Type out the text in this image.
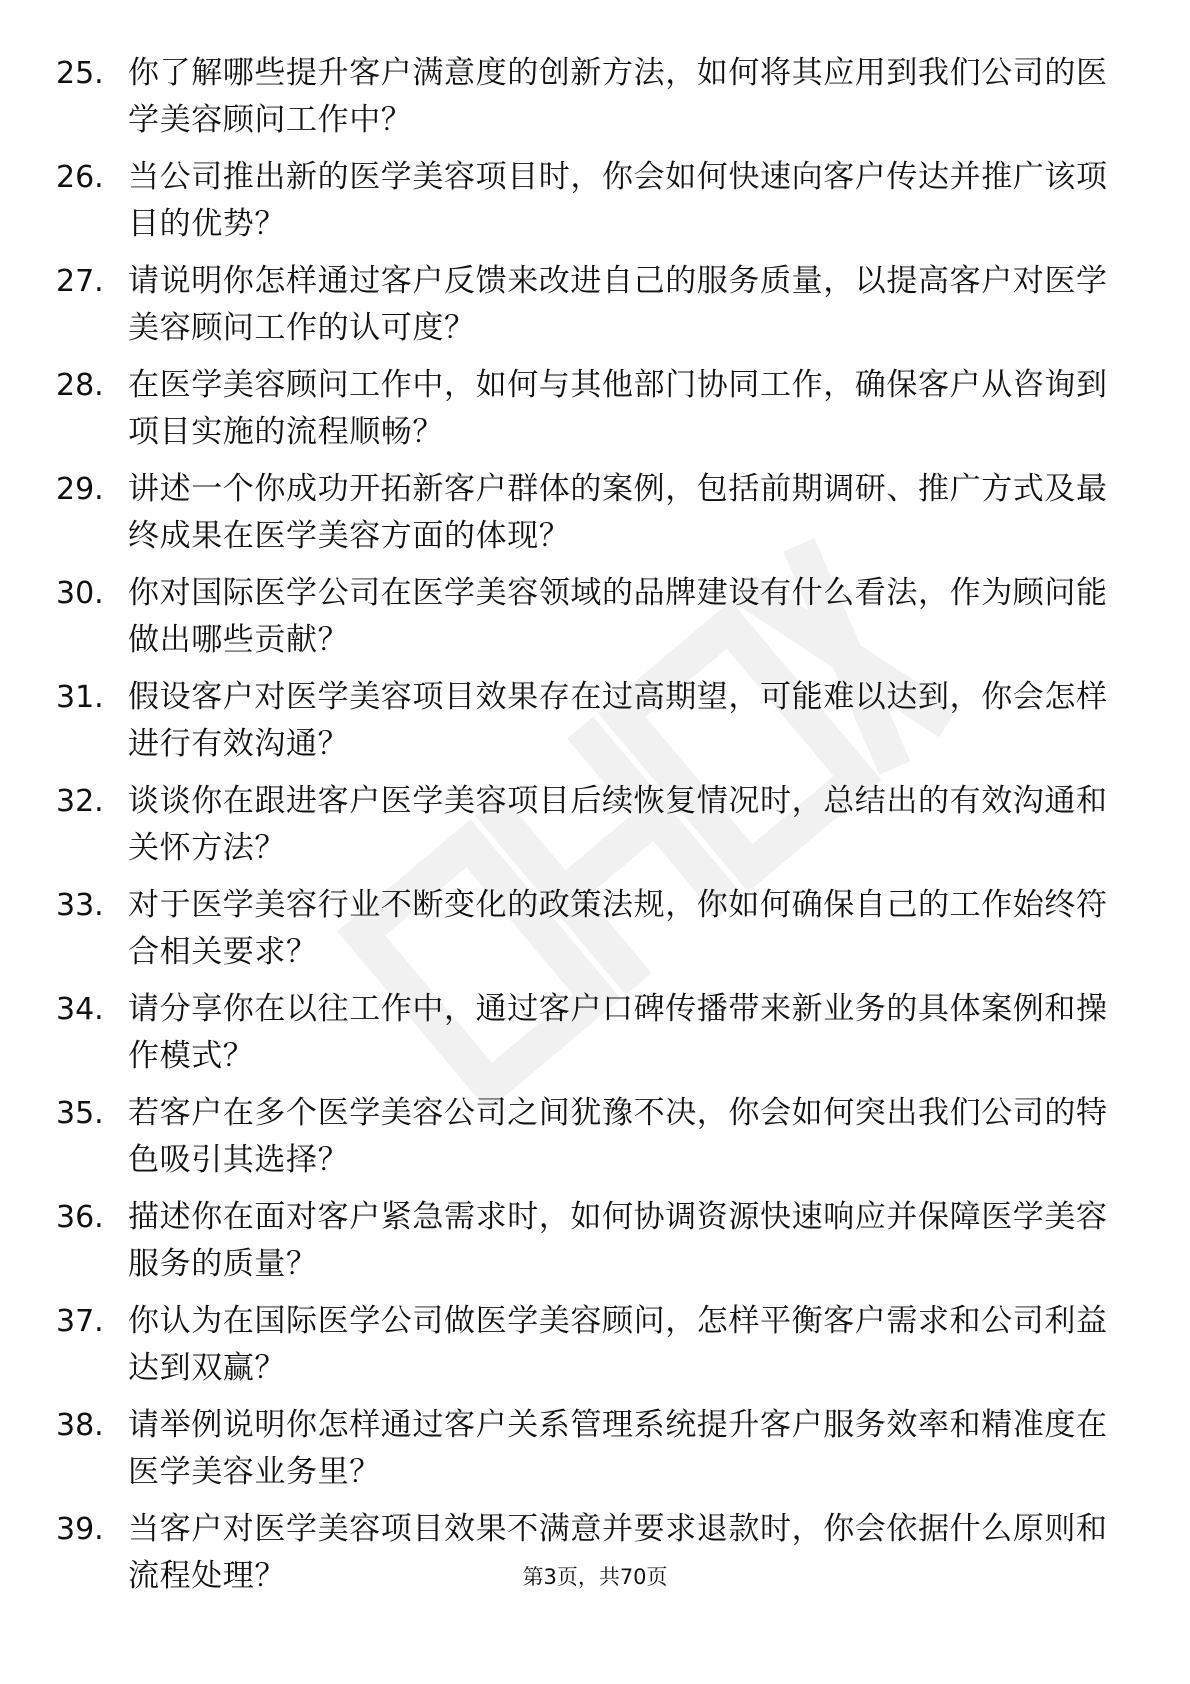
25. 你了解哪些提升客户满意度的创新方法，如何将其应用到我们公司的医学美容顾问工作中？
26. 当公司推出新的医学美容项目时，你会如何快速向客户传达并推广该项目的优势？
27. 请说明你怎样通过客户反馈来改进自己的服务质量，以提高客户对医学美容顾问工作的认可度？
28. 在医学美容顾问工作中，如何与其他部门协同工作，确保客户从咨询到项目实施的流程顺畅？
29. 讲述一个你成功开拓新客户群体的案例，包括前期调研、推广方式及最终成果在医学美容方面的体现？
30. 你对国际医学公司在医学美容领域的品牌建设有什么看法，作为顾问能做出哪些贡献？
31. 假设客户对医学美容项目效果存在过高期望，可能难以达到，你会怎样进行有效沟通？
32. 谈谈你在跟进客户医学美容项目后续恢复情况时，总结出的有效沟通和关怀方法？
33. 对于医学美容行业不断变化的政策法规，你如何确保自己的工作始终符合相关要求？
34. 请分享你在以往工作中，通过客户口碑传播带来新业务的具体案例和操作模式？
35. 若客户在多个医学美容公司之间犹豫不决，你会如何突出我们公司的特色吸引其选择？
36. 描述你在面对客户紧急需求时，如何协调资源快速响应并保障医学美容服务的质量？
37. 你认为在国际医学公司做医学美容顾问，怎样平衡客户需求和公司利益达到双赢？
38. 请举例说明你怎样通过客户关系管理系统提升客户服务效率和精准度在医学美容业务里？
39. 当客户对医学美容项目效果不满意并要求退款时，你会依据什么原则和流程处理？	第3页，共70页
